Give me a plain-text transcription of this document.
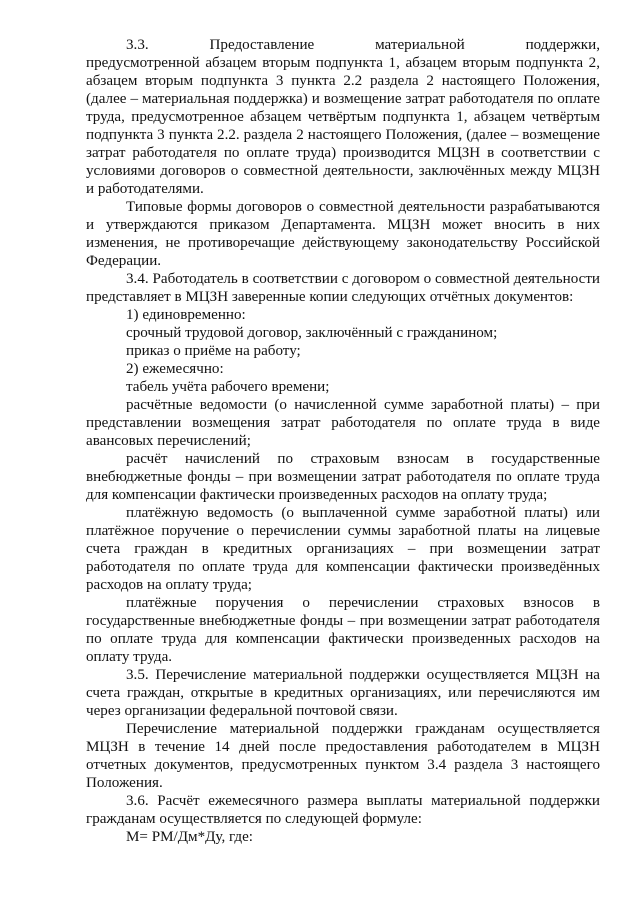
3.3. Предоставление материальной поддержки,

предусмотренной абзацем вторым подпункта 1, абзацем вторым подпункта 2, абзацем вторым подпункта 3 пункта 2.2 раздела 2 настоящего Положения, (далее – материальная поддержка) и возмещение затрат работодателя по оплате труда, предусмотренное абзацем четвёртым подпункта 1, абзацем четвёртым подпункта 3 пункта 2.2. раздела 2 настоящего Положения, (далее – возмещение затрат работодателя по оплате труда) производится МЦЗН в соответствии с условиями договоров о совместной деятельности, заключённых между МЦЗН и работодателями.

Типовые формы договоров о совместной деятельности разрабатываются и утверждаются приказом Департамента. МЦЗН может вносить в них изменения, не противоречащие действующему законодательству Российской Федерации.

3.4. Работодатель в соответствии с договором о совместной деятельности представляет в МЦЗН заверенные копии следующих отчётных документов:

1) единовременно:

срочный трудовой договор, заключённый с гражданином;

приказ о приёме на работу;

2) ежемесячно:

табель учёта рабочего времени;

расчётные ведомости (о начисленной сумме заработной платы) – при представлении возмещения затрат работодателя по оплате труда в виде авансовых перечислений;

расчёт начислений по страховым взносам в государственные внебюджетные фонды – при возмещении затрат работодателя по оплате труда для компенсации фактически произведенных расходов на оплату труда;

платёжную ведомость (о выплаченной сумме заработной платы) или платёжное поручение о перечислении суммы заработной платы на лицевые счета граждан в кредитных организациях – при возмещении затрат работодателя по оплате труда для компенсации фактически произведённых расходов на оплату труда;

платёжные поручения о перечислении страховых взносов в государственные внебюджетные фонды – при возмещении затрат работодателя по оплате труда для компенсации фактически произведенных расходов на оплату труда.

3.5. Перечисление материальной поддержки осуществляется МЦЗН на счета граждан, открытые в кредитных организациях, или перечисляются им через организации федеральной почтовой связи.

Перечисление материальной поддержки гражданам осуществляется МЦЗН в течение 14 дней после предоставления работодателем в МЦЗН отчетных документов, предусмотренных пунктом 3.4 раздела 3 настоящего Положения.

3.6. Расчёт ежемесячного размера выплаты материальной поддержки гражданам осуществляется по следующей формуле:

М= РМ/Дм*Ду, где:
